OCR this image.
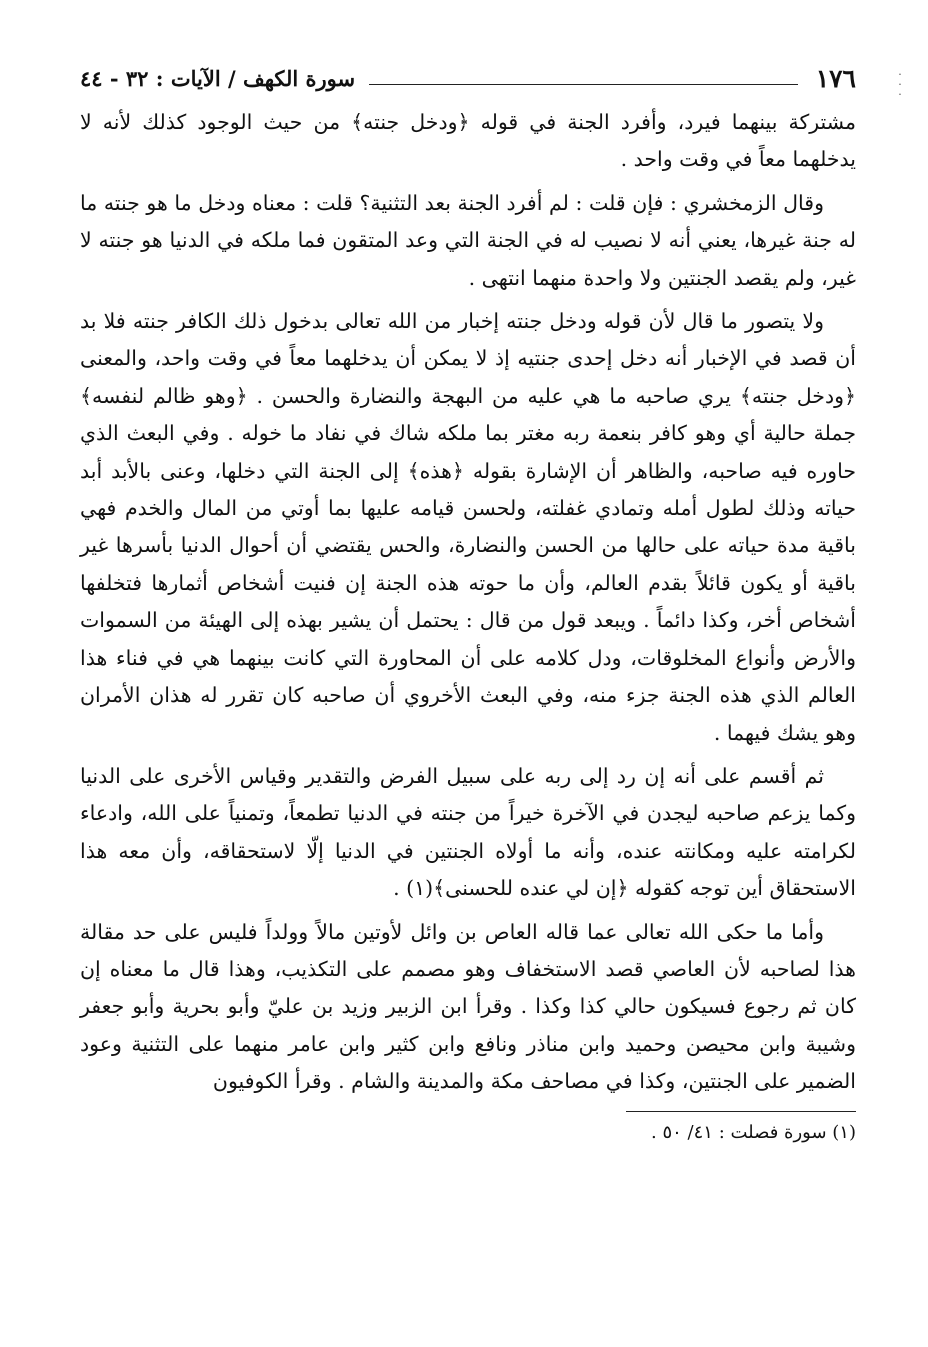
·
·
·
١٧٦
سورة الكهف / الآيات : ٣٢ - ٤٤

مشتركة بينهما فيرد، وأفرد الجنة في قوله ﴿ودخل جنته﴾ من حيث الوجود كذلك لأنه لا يدخلهما معاً في وقت واحد .

وقال الزمخشري : فإن قلت : لم أفرد الجنة بعد التثنية؟ قلت : معناه ودخل ما هو جنته ما له جنة غيرها، يعني أنه لا نصيب له في الجنة التي وعد المتقون فما ملكه في الدنيا هو جنته لا غير، ولم يقصد الجنتين ولا واحدة منهما انتهى .

ولا يتصور ما قال لأن قوله ودخل جنته إخبار من الله تعالى بدخول ذلك الكافر جنته فلا بد أن قصد في الإخبار أنه دخل إحدى جنتيه إذ لا يمكن أن يدخلهما معاً في وقت واحد، والمعنى ﴿ودخل جنته﴾ يري صاحبه ما هي عليه من البهجة والنضارة والحسن . ﴿وهو ظالم لنفسه﴾ جملة حالية أي وهو كافر بنعمة ربه مغتر بما ملكه شاك في نفاد ما خوله . وفي البعث الذي حاوره فيه صاحبه، والظاهر أن الإشارة بقوله ﴿هذه﴾ إلى الجنة التي دخلها، وعنى بالأبد أبد حياته وذلك لطول أمله وتمادي غفلته، ولحسن قيامه عليها بما أوتي من المال والخدم فهي باقية مدة حياته على حالها من الحسن والنضارة، والحس يقتضي أن أحوال الدنيا بأسرها غير باقية أو يكون قائلاً بقدم العالم، وأن ما حوته هذه الجنة إن فنيت أشخاص أثمارها فتخلفها أشخاص أخر، وكذا دائماً . ويبعد قول من قال : يحتمل أن يشير بهذه إلى الهيئة من السموات والأرض وأنواع المخلوقات، ودل كلامه على أن المحاورة التي كانت بينهما هي في فناء هذا العالم الذي هذه الجنة جزء منه، وفي البعث الأخروي أن صاحبه كان تقرر له هذان الأمران وهو يشك فيهما .

ثم أقسم على أنه إن رد إلى ربه على سبيل الفرض والتقدير وقياس الأخرى على الدنيا وكما يزعم صاحبه ليجدن في الآخرة خيراً من جنته في الدنيا تطمعاً، وتمنياً على الله، وادعاء لكرامته عليه ومكانته عنده، وأنه ما أولاه الجنتين في الدنيا إلّا لاستحقاقه، وأن معه هذا الاستحقاق أين توجه كقوله ﴿إن لي عنده للحسنى﴾(١) .

وأما ما حكى الله تعالى عما قاله العاص بن وائل لأوتين مالاً وولداً فليس على حد مقالة هذا لصاحبه لأن العاصي قصد الاستخفاف وهو مصمم على التكذيب، وهذا قال ما معناه إن كان ثم رجوع فسيكون حالي كذا وكذا . وقرأ ابن الزبير وزيد بن عليّ وأبو بحرية وأبو جعفر وشيبة وابن محيصن وحميد وابن مناذر ونافع وابن كثير وابن عامر منهما على التثنية وعود الضمير على الجنتين، وكذا في مصاحف مكة والمدينة والشام . وقرأ الكوفيون

(١) سورة فصلت : ٤١/ ٥٠ .
